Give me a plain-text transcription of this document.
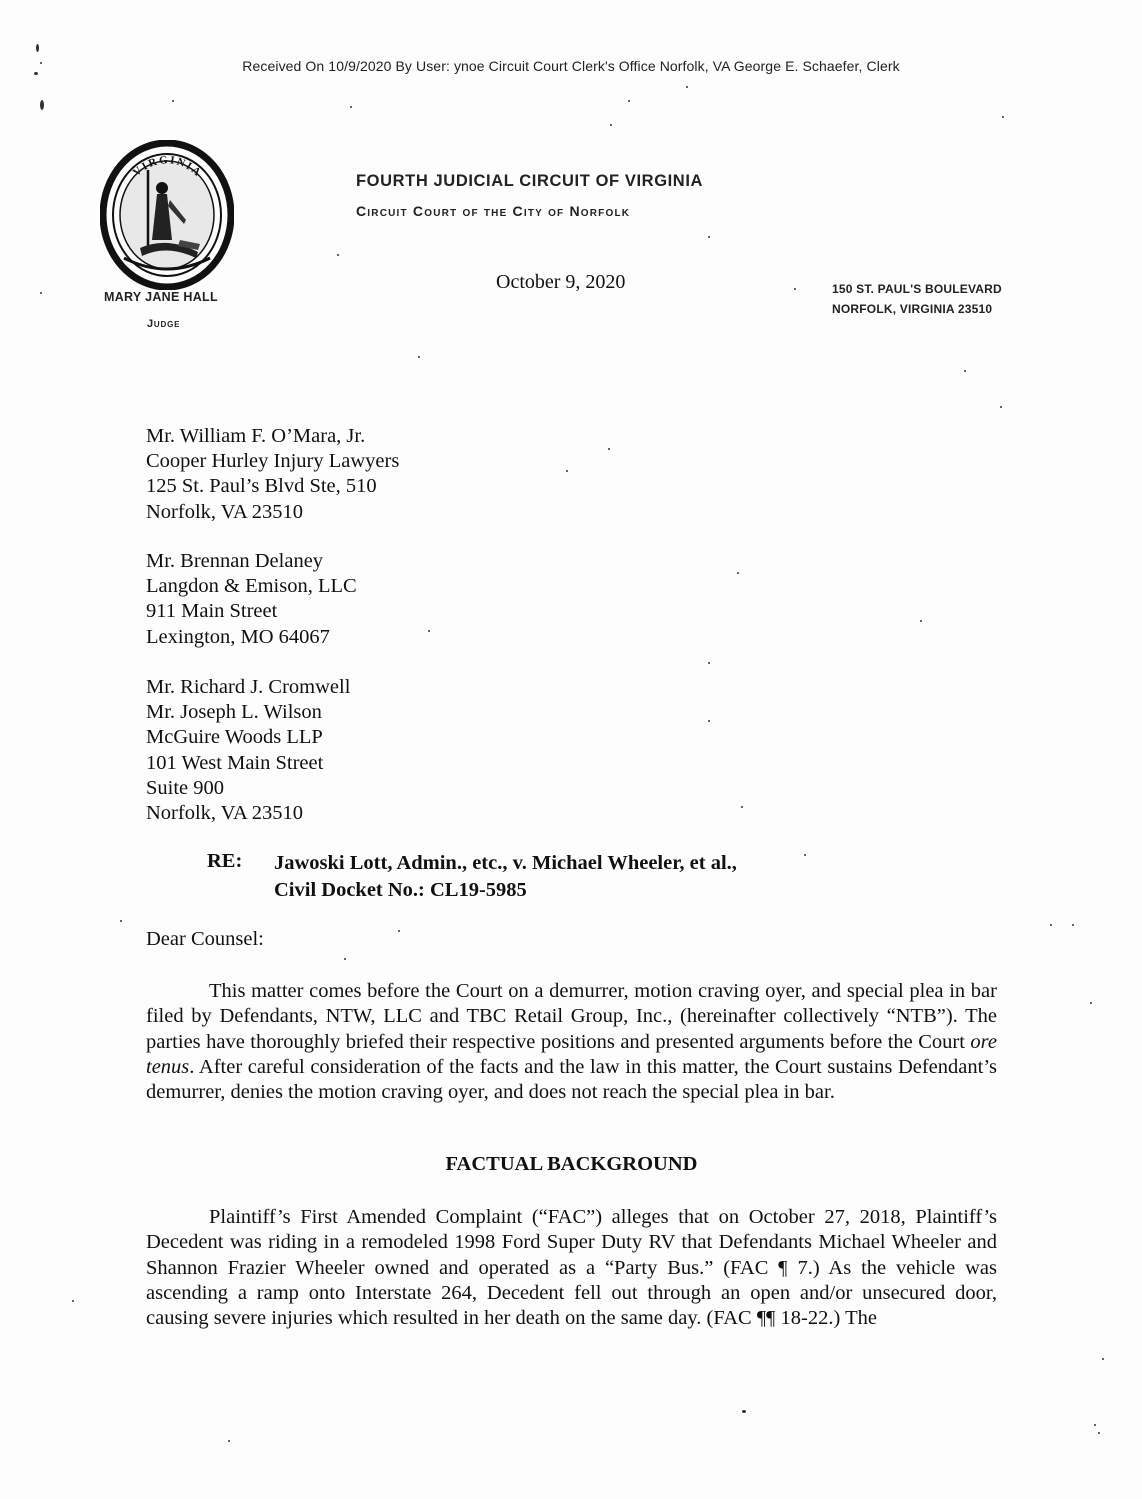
Received On 10/9/2020 By User: ynoe Circuit Court Clerk's Office Norfolk, VA George E. Schaefer, Clerk
VIRGINIA
FOURTH JUDICIAL CIRCUIT OF VIRGINIA
Circuit Court of the City of Norfolk
MARY JANE HALL
Judge
October 9, 2020	150 ST. PAUL'S BOULEVARD
NORFOLK, VIRGINIA 23510
Mr. William F. O’Mara, Jr.
Cooper Hurley Injury Lawyers
125 St. Paul’s Blvd Ste, 510
Norfolk, VA 23510
Mr. Brennan Delaney
Langdon & Emison, LLC
911 Main Street
Lexington, MO 64067
Mr. Richard J. Cromwell
Mr. Joseph L. Wilson
McGuire Woods LLP
101 West Main Street
Suite 900
Norfolk, VA 23510
RE: Jawoski Lott, Admin., etc., v. Michael Wheeler, et al.,
Civil Docket No.: CL19-5985
Dear Counsel:
This matter comes before the Court on a demurrer, motion craving oyer, and special plea in bar filed by Defendants, NTW, LLC and TBC Retail Group, Inc., (hereinafter collectively “NTB”). The parties have thoroughly briefed their respective positions and presented arguments before the Court ore tenus. After careful consideration of the facts and the law in this matter, the Court sustains Defendant’s demurrer, denies the motion craving oyer, and does not reach the special plea in bar.
FACTUAL BACKGROUND
Plaintiff’s First Amended Complaint (“FAC”) alleges that on October 27, 2018, Plaintiff’s Decedent was riding in a remodeled 1998 Ford Super Duty RV that Defendants Michael Wheeler and Shannon Frazier Wheeler owned and operated as a “Party Bus.” (FAC ¶ 7.) As the vehicle was ascending a ramp onto Interstate 264, Decedent fell out through an open and/or unsecured door, causing severe injuries which resulted in her death on the same day. (FAC ¶¶ 18-22.) The
